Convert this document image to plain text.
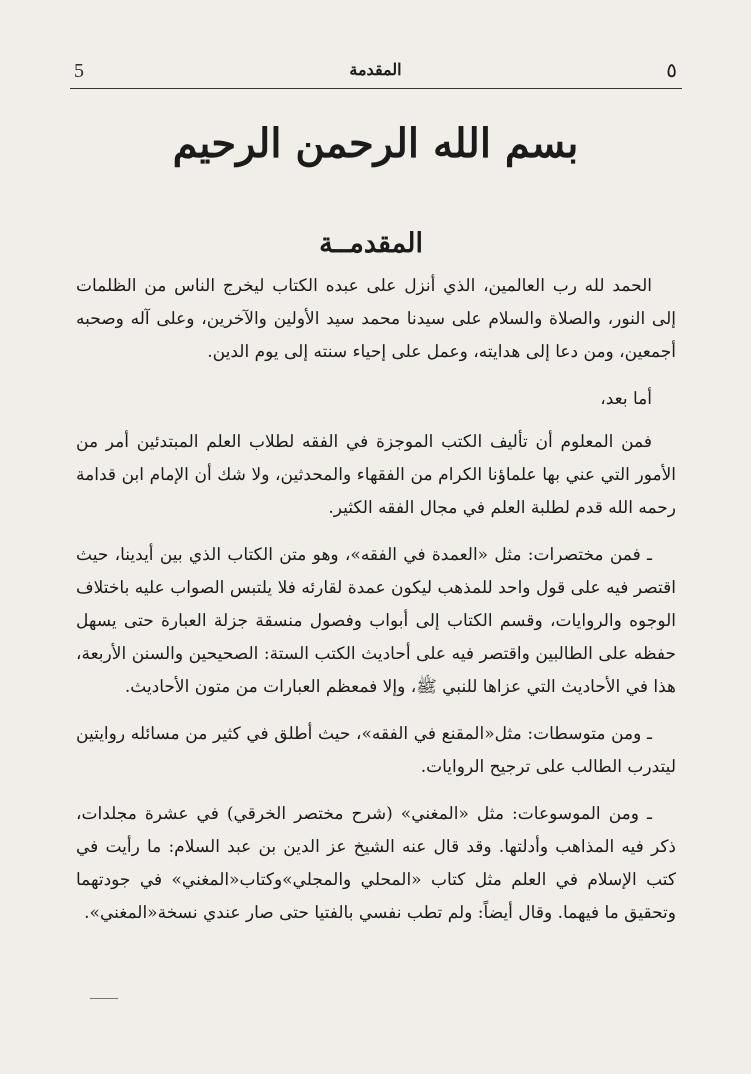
5	المقدمة	٥
بسم الله الرحمن الرحيم
المقدمــة

الحمد لله رب العالمين، الذي أنزل على عبده الكتاب ليخرج الناس من الظلمات إلى النور، والصلاة والسلام على سيدنا محمد سيد الأولين والآخرين، وعلى آله وصحبه أجمعين، ومن دعا إلى هدايته، وعمل على إحياء سنته إلى يوم الدين.

أما بعد،

فمن المعلوم أن تأليف الكتب الموجزة في الفقه لطلاب العلم المبتدئين أمر من الأمور التي عني بها علماؤنا الكرام من الفقهاء والمحدثين، ولا شك أن الإمام ابن قدامة رحمه الله قدم لطلبة العلم في مجال الفقه الكثير.

ـ فمن مختصرات: مثل «العمدة في الفقه»، وهو متن الكتاب الذي بين أيدينا، حيث اقتصر فيه على قول واحد للمذهب ليكون عمدة لقارئه فلا يلتبس الصواب عليه باختلاف الوجوه والروايات، وقسم الكتاب إلى أبواب وفصول منسقة جزلة العبارة حتى يسهل حفظه على الطالبين واقتصر فيه على أحاديث الكتب الستة: الصحيحين والسنن الأربعة، هذا في الأحاديث التي عزاها للنبي ﷺ، وإلا فمعظم العبارات من متون الأحاديث.

ـ ومن متوسطات: مثل«المقنع في الفقه»، حيث أطلق في كثير من مسائله روايتين ليتدرب الطالب على ترجيح الروايات.

ـ ومن الموسوعات: مثل «المغني» (شرح مختصر الخرقي) في عشرة مجلدات، ذكر فيه المذاهب وأدلتها. وقد قال عنه الشيخ عز الدين بن عبد السلام: ما رأيت في كتب الإسلام في العلم مثل كتاب «المحلي والمجلي»وكتاب«المغني» في جودتهما وتحقيق ما فيهما. وقال أيضاً: ولم تطب نفسي بالفتيا حتى صار عندي نسخة«المغني».
